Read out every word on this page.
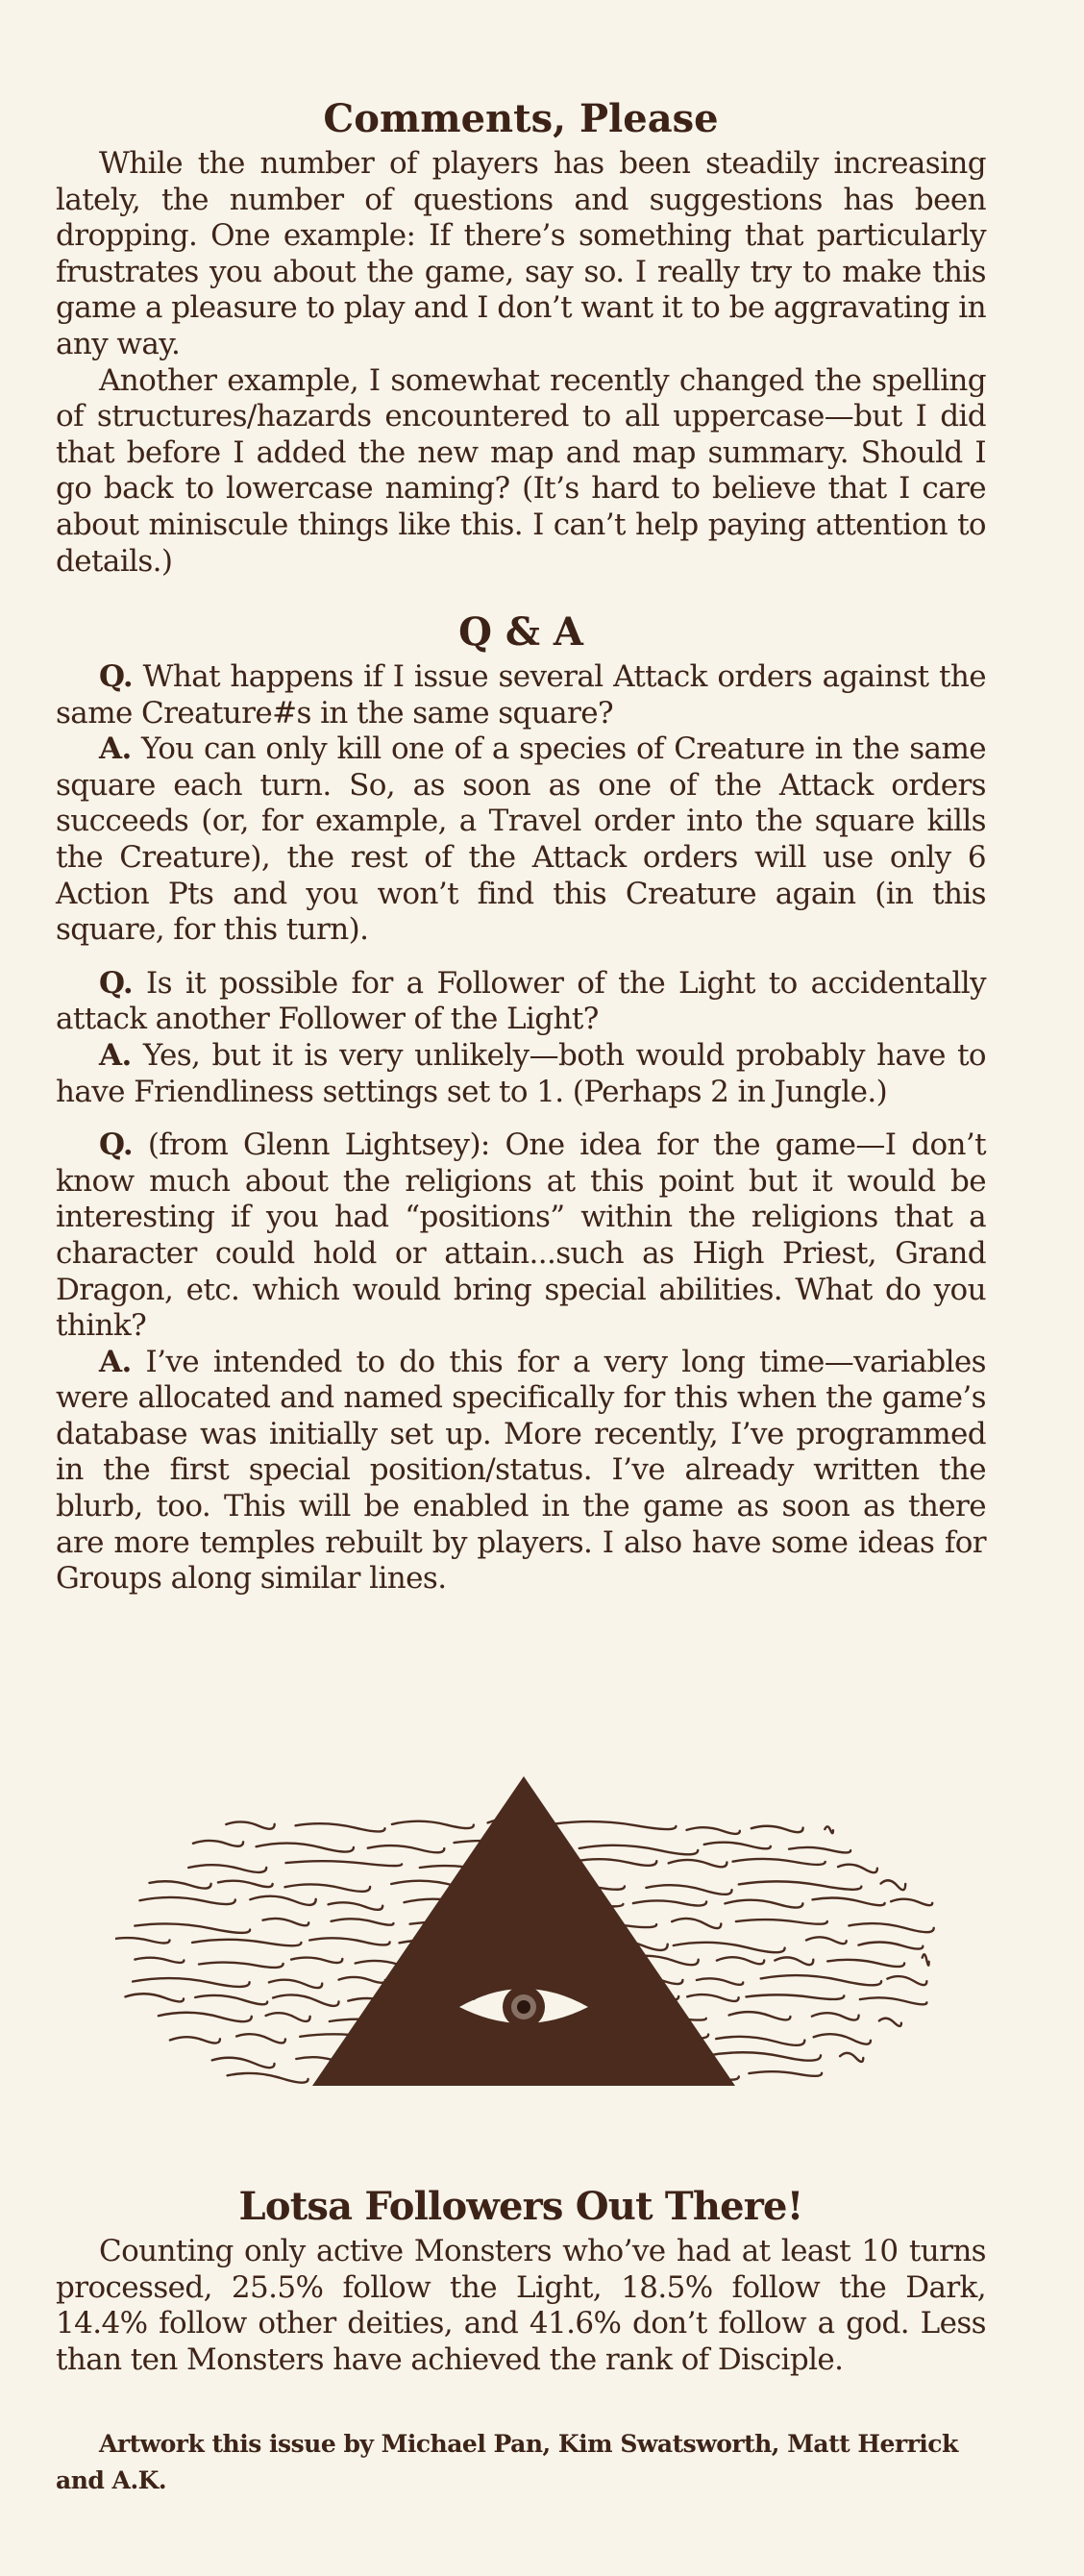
Comments, Please

While the number of players has been steadily increasing lately, the number of questions and suggestions has been dropping. One example: If there’s something that particularly frustrates you about the game, say so. I really try to make this game a pleasure to play and I don’t want it to be aggravating in any way.

Another example, I somewhat recently changed the spelling of structures/hazards encountered to all uppercase—but I did that before I added the new map and map summary. Should I go back to lowercase naming? (It’s hard to believe that I care about miniscule things like this. I can’t help paying attention to details.)

Q & A

Q. What happens if I issue several Attack orders against the same Creature#s in the same square?

A. You can only kill one of a species of Creature in the same square each turn. So, as soon as one of the Attack orders succeeds (or, for example, a Travel order into the square kills the Creature), the rest of the Attack orders will use only 6 Action Pts and you won’t find this Creature again (in this square, for this turn).

Q. Is it possible for a Follower of the Light to accidentally attack another Follower of the Light?

A. Yes, but it is very unlikely—both would probably have to have Friendliness settings set to 1. (Perhaps 2 in Jungle.)

Q. (from Glenn Lightsey): One idea for the game—I don’t know much about the religions at this point but it would be interesting if you had “positions” within the religions that a character could hold or attain...such as High Priest, Grand Dragon, etc. which would bring special abilities. What do you think?

A. I’ve intended to do this for a very long time—variables were allocated and named specifically for this when the game’s database was initially set up. More recently, I’ve programmed in the first special position/status. I’ve already written the blurb, too. This will be enabled in the game as soon as there are more temples rebuilt by players. I also have some ideas for Groups along similar lines.

Lotsa Followers Out There!

Counting only active Monsters who’ve had at least 10 turns processed, 25.5% follow the Light, 18.5% follow the Dark, 14.4% follow other deities, and 41.6% don’t follow a god. Less than ten Monsters have achieved the rank of Disciple.

Artwork this issue by Michael Pan, Kim Swatsworth, Matt Herrick and A.K.
